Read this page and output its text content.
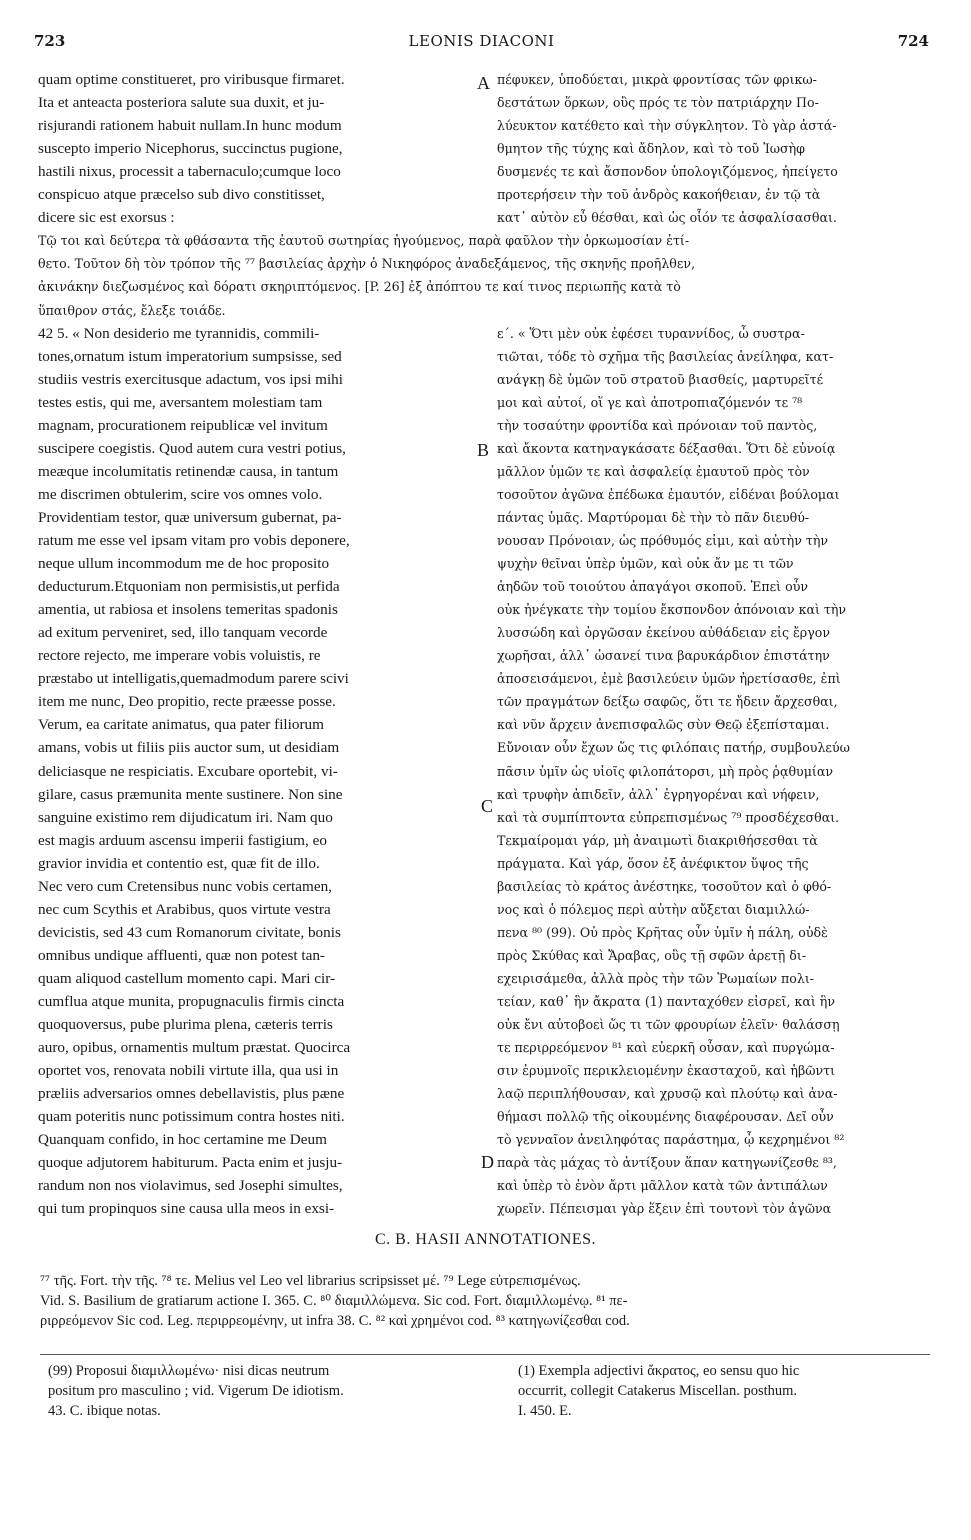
723	LEONIS DIACONI	724
A
B
C
D
quam optime constitueret, pro viribusque firmaret.
Ita et anteacta posteriora salute sua duxit, et ju-
risjurandi rationem habuit nullam.In hunc modum
suscepto imperio Nicephorus, succinctus pugione,
hastili nixus, processit a tabernaculo;cumque loco
conspicuo atque præcelso sub divo constitisset,
dicere sic est exorsus :
πέφυκεν, ὑποδύεται, μικρὰ φροντίσας τῶν φρικω-
δεστάτων ὅρκων, οὓς πρός τε τὸν πατριάρχην Πο-
λύευκτον κατέθετο καὶ τὴν σύγκλητον. Τὸ γὰρ ἀστά-
θμητον τῆς τύχης καὶ ἄδηλον, καὶ τὸ τοῦ Ἰωσὴφ
δυσμενές τε καὶ ἄσπονδον ὑπολογιζόμενος, ἠπείγετο
προτερήσειν τὴν τοῦ ἀνδρὸς κακοήθειαν, ἐν τῷ τὰ
κατ᾽ αὐτὸν εὖ θέσθαι, καὶ ὡς οἷόν τε ἀσφαλίσασθαι.
Τῷ τοι καὶ δεύτερα τὰ φθάσαντα τῆς ἑαυτοῦ σωτηρίας ἡγούμενος, παρὰ φαῦλον τὴν ὁρκωμοσίαν ἐτί-
θετο. Τοῦτον δὴ τὸν τρόπον τῆς ⁷⁷ βασιλείας ἀρχὴν ὁ Νικηφόρος ἀναδεξάμενος, τῆς σκηνῆς προῆλθεν,
ἀκινάκην διεζωσμένος καὶ δόρατι σκηριπτόμενος. [P. 26] ἐξ ἀπόπτου τε καί τινος περιωπῆς κατὰ τὸ
ὕπαιθρον στάς, ἔλεξε τοιάδε.
42 5. « Non desiderio me tyrannidis, commili-
tones,ornatum istum imperatorium sumpsisse, sed
studiis vestris exercitusque adactum, vos ipsi mihi
testes estis, qui me, aversantem molestiam tam
magnam, procurationem reipublicæ vel invitum
suscipere coegistis. Quod autem cura vestri potius,
meæque incolumitatis retinendæ causa, in tantum
me discrimen obtulerim, scire vos omnes volo.
Providentiam testor, quæ universum gubernat, pa-
ratum me esse vel ipsam vitam pro vobis deponere,
neque ullum incommodum me de hoc proposito
deducturum.Etquoniam non permisistis,ut perfida
amentia, ut rabiosa et insolens temeritas spadonis
ad exitum perveniret, sed, illo tanquam vecorde
rectore rejecto, me imperare vobis voluistis, re
præstabo ut intelligatis,quemadmodum parere scivi
item me nunc, Deo propitio, recte præesse posse.
Verum, ea caritate animatus, qua pater filiorum
amans, vobis ut filiis piis auctor sum, ut desidiam
deliciasque ne respiciatis. Excubare oportebit, vi-
gilare, casus præmunita mente sustinere. Non sine
sanguine existimo rem dijudicatum iri. Nam quo
est magis arduum ascensu imperii fastigium, eo
gravior invidia et contentio est, quæ fit de illo.
Nec vero cum Cretensibus nunc vobis certamen,
nec cum Scythis et Arabibus, quos virtute vestra
devicistis, sed 43 cum Romanorum civitate, bonis
omnibus undique affluenti, quæ non potest tan-
quam aliquod castellum momento capi. Mari cir-
cumfluа atque munita, propugnaculis firmis cincta
quoquoversus, pube plurima plena, cæteris terris
auro, opibus, ornamentis multum præstat. Quocirca
oportet vos, renovata nobili virtute illa, qua usi in
præliis adversarios omnes debellavistis, plus pæne
quam poteritis nunc potissimum contra hostes niti.
Quanquam confido, in hoc certamine me Deum
quoque adjutorem habiturum. Pacta enim et jusju-
randum non nos violavimus, sed Josephi simultes,
qui tum propinquos sine causa ulla meos in exsi-
ε΄. « Ὅτι μὲν οὐκ ἐφέσει τυραννίδος, ὦ συστρα-
τιῶται, τόδε τὸ σχῆμα τῆς βασιλείας ἀνείληφα, κατ-
ανάγκῃ δὲ ὑμῶν τοῦ στρατοῦ βιασθείς, μαρτυρεῖτέ
μοι καὶ αὐτοί, οἵ γε καὶ ἀποτροπιαζόμενόν τε ⁷⁸
τὴν τοσαύτην φροντίδα καὶ πρόνοιαν τοῦ παντὸς,
καὶ ἄκοντα κατηναγκάσατε δέξασθαι. Ὅτι δὲ εὐνοίᾳ
μᾶλλον ὑμῶν τε καὶ ἀσφαλείᾳ ἐμαυτοῦ πρὸς τὸν
τοσοῦτον ἀγῶνα ἐπέδωκα ἐμαυτόν, εἰδέναι βούλομαι
πάντας ὑμᾶς. Μαρτύρομαι δὲ τὴν τὸ πᾶν διευθύ-
νουσαν Πρόνοιαν, ὡς πρόθυμός εἰμι, καὶ αὐτὴν τὴν
ψυχὴν θεῖναι ὑπὲρ ὑμῶν, καὶ οὐκ ἄν με τι τῶν
ἀηδῶν τοῦ τοιούτου ἀπαγάγοι σκοποῦ. Ἐπεὶ οὖν
οὐκ ἠνέγκατε τὴν τομίου ἔκσπονδον ἀπόνοιαν καὶ τὴν
λυσσώδη καὶ ὀργῶσαν ἐκείνου αὐθάδειαν εἰς ἔργον
χωρῆσαι, ἀλλ᾽ ὡσανεί τινα βαρυκάρδιον ἐπιστάτην
ἀποσεισάμενοι, ἐμὲ βασιλεύειν ὑμῶν ἠρετίσασθε, ἐπὶ
τῶν πραγμάτων δείξω σαφῶς, ὅτι τε ἤδειν ἄρχεσθαι,
καὶ νῦν ἄρχειν ἀνεπισφαλῶς σὺν Θεῷ ἐξεπίσταμαι.
Εὔνοιαν οὖν ἔχων ὥς τις φιλόπαις πατήρ, συμβουλεύω
πᾶσιν ὑμῖν ὡς υἱοῖς φιλοπάτορσι, μὴ πρὸς ῥᾳθυμίαν
καὶ τρυφὴν ἀπιδεῖν, ἀλλ᾽ ἐγρηγορέναι καὶ νήφειν,
καὶ τὰ συμπίπτοντα εὐπρεπισμένως ⁷⁹ προσδέχεσθαι.
Τεκμαίρομαι γάρ, μὴ ἀναιμωτὶ διακριθήσεσθαι τὰ
πράγματα. Καὶ γάρ, ὅσον ἐξ ἀνέφικτον ὕψος τῆς
βασιλείας τὸ κράτος ἀνέστηκε, τοσοῦτον καὶ ὁ φθό-
νος καὶ ὁ πόλεμος περὶ αὐτὴν αὔξεται διαμιλλώ-
πενα ⁸⁰ (99). Οὐ πρὸς Κρῆτας οὖν ὑμῖν ἡ πάλη, οὐδὲ
πρὸς Σκύθας καὶ Ἄραβας, οὓς τῇ σφῶν ἀρετῇ δι-
εχειρισάμεθα, ἀλλὰ πρὸς τὴν τῶν Ῥωμαίων πολι-
τείαν, καθ᾽ ἣν ἄκρατα (1) πανταχόθεν εἰσρεῖ, καὶ ἣν
οὐκ ἔνι αὐτοβοεὶ ὥς τι τῶν φρουρίων ἑλεῖν· θαλάσσῃ
τε περιρρεόμενον ⁸¹ καὶ εὐερκῆ οὖσαν, καὶ πυργώμα-
σιν ἐρυμνοῖς περικλειομένην ἑκασταχοῦ, καὶ ἡβῶντι
λαῷ περιπλήθουσαν, καὶ χρυσῷ καὶ πλούτῳ καὶ ἀνα-
θήμασι πολλῷ τῆς οἰκουμένης διαφέρουσαν. Δεῖ οὖν
τὸ γενναῖον ἀνειληφότας παράστημα, ᾧ κεχρημένοι ⁸²
παρὰ τὰς μάχας τὸ ἀντίξουν ἅπαν κατηγωνίζεσθε ⁸³,
καὶ ὑπὲρ τὸ ἐνὸν ἄρτι μᾶλλον κατὰ τῶν ἀντιπάλων
χωρεῖν. Πέπεισμαι γὰρ ἕξειν ἐπὶ τουτονὶ τὸν ἀγῶνα
C. B. HASII ANNOTATIONES.
⁷⁷ τῆς. Fort. τὴν τῆς. ⁷⁸ τε. Melius vel Leo vel librarius scripsisset μέ. ⁷⁹ Lege εὐτρεπισμένως.
Vid. S. Basilium de gratiarum actione I. 365. C. ⁸⁰ διαμιλλώμενα. Sic cod. Fort. διαμιλλωμένῳ. ⁸¹ πε-
ριρρεόμενον Sic cod. Leg. περιρρεομένην, ut infra 38. C. ⁸² καὶ χρημένοι cod. ⁸³ κατηγωνίζεσθαι cod.
(99) Proposui διαμιλλωμένω· nisi dicas neutrum
positum pro masculino ; vid. Vigerum De idiotism.
43. C. ibique notas.
(1) Exempla adjectivi ἄκρατος, eo sensu quo hic
occurrit, collegit Catakerus Miscellan. posthum.
I. 450. E.
